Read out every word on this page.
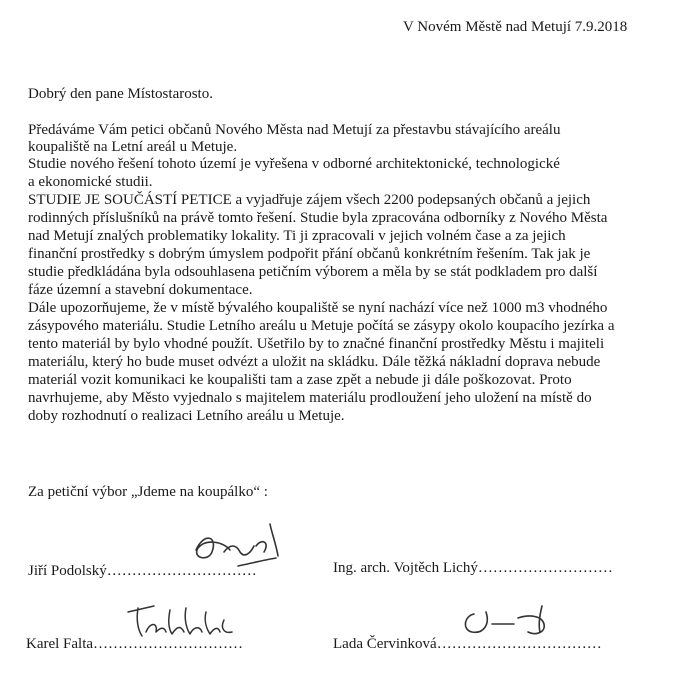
V Novém Městě nad Metují 7.9.2018
Dobrý den pane Místostarosto.
Předáváme Vám petici občanů Nového Města nad Metují za přestavbu stávajícího areálu
koupaliště na Letní areál u Metuje.
Studie nového řešení tohoto území je vyřešena v odborné architektonické, technologické
a ekonomické studii.
STUDIE JE SOUČÁSTÍ PETICE a vyjadřuje zájem všech 2200 podepsaných občanů a jejich
rodinných příslušníků na právě tomto řešení. Studie byla zpracována odborníky z Nového Města
nad Metují znalých problematiky lokality. Ti ji zpracovali v jejich volném čase a za jejich
finanční prostředky s dobrým úmyslem podpořit přání občanů konkrétním řešením. Tak jak je
studie předkládána byla odsouhlasena petičním výborem a měla by se stát podkladem pro další
fáze územní a stavební dokumentace.
Dále upozorňujeme, že v místě bývalého koupaliště se nyní nachází více než 1000 m3 vhodného
zásypového materiálu. Studie Letního areálu u Metuje počítá se zásypy okolo koupacího jezírka a
tento materiál by bylo vhodné použít. Ušetřilo by to značné finanční prostředky Městu i majiteli
materiálu, který ho bude muset odvézt a uložit na skládku. Dále těžká nákladní doprava nebude
materiál vozit komunikaci ke koupališti tam a zase zpět a nebude ji dále poškozovat. Proto
navrhujeme, aby Město vyjednalo s majitelem materiálu prodloužení jeho uložení na místě do
doby rozhodnutí o realizaci Letního areálu u Metuje.
Za petiční výbor „Jdeme na koupálko“ :
Jiří Podolský…………………………	Ing. arch. Vojtěch Lichý………………………
Karel Falta…………………………	Lada Červinková……………………………
